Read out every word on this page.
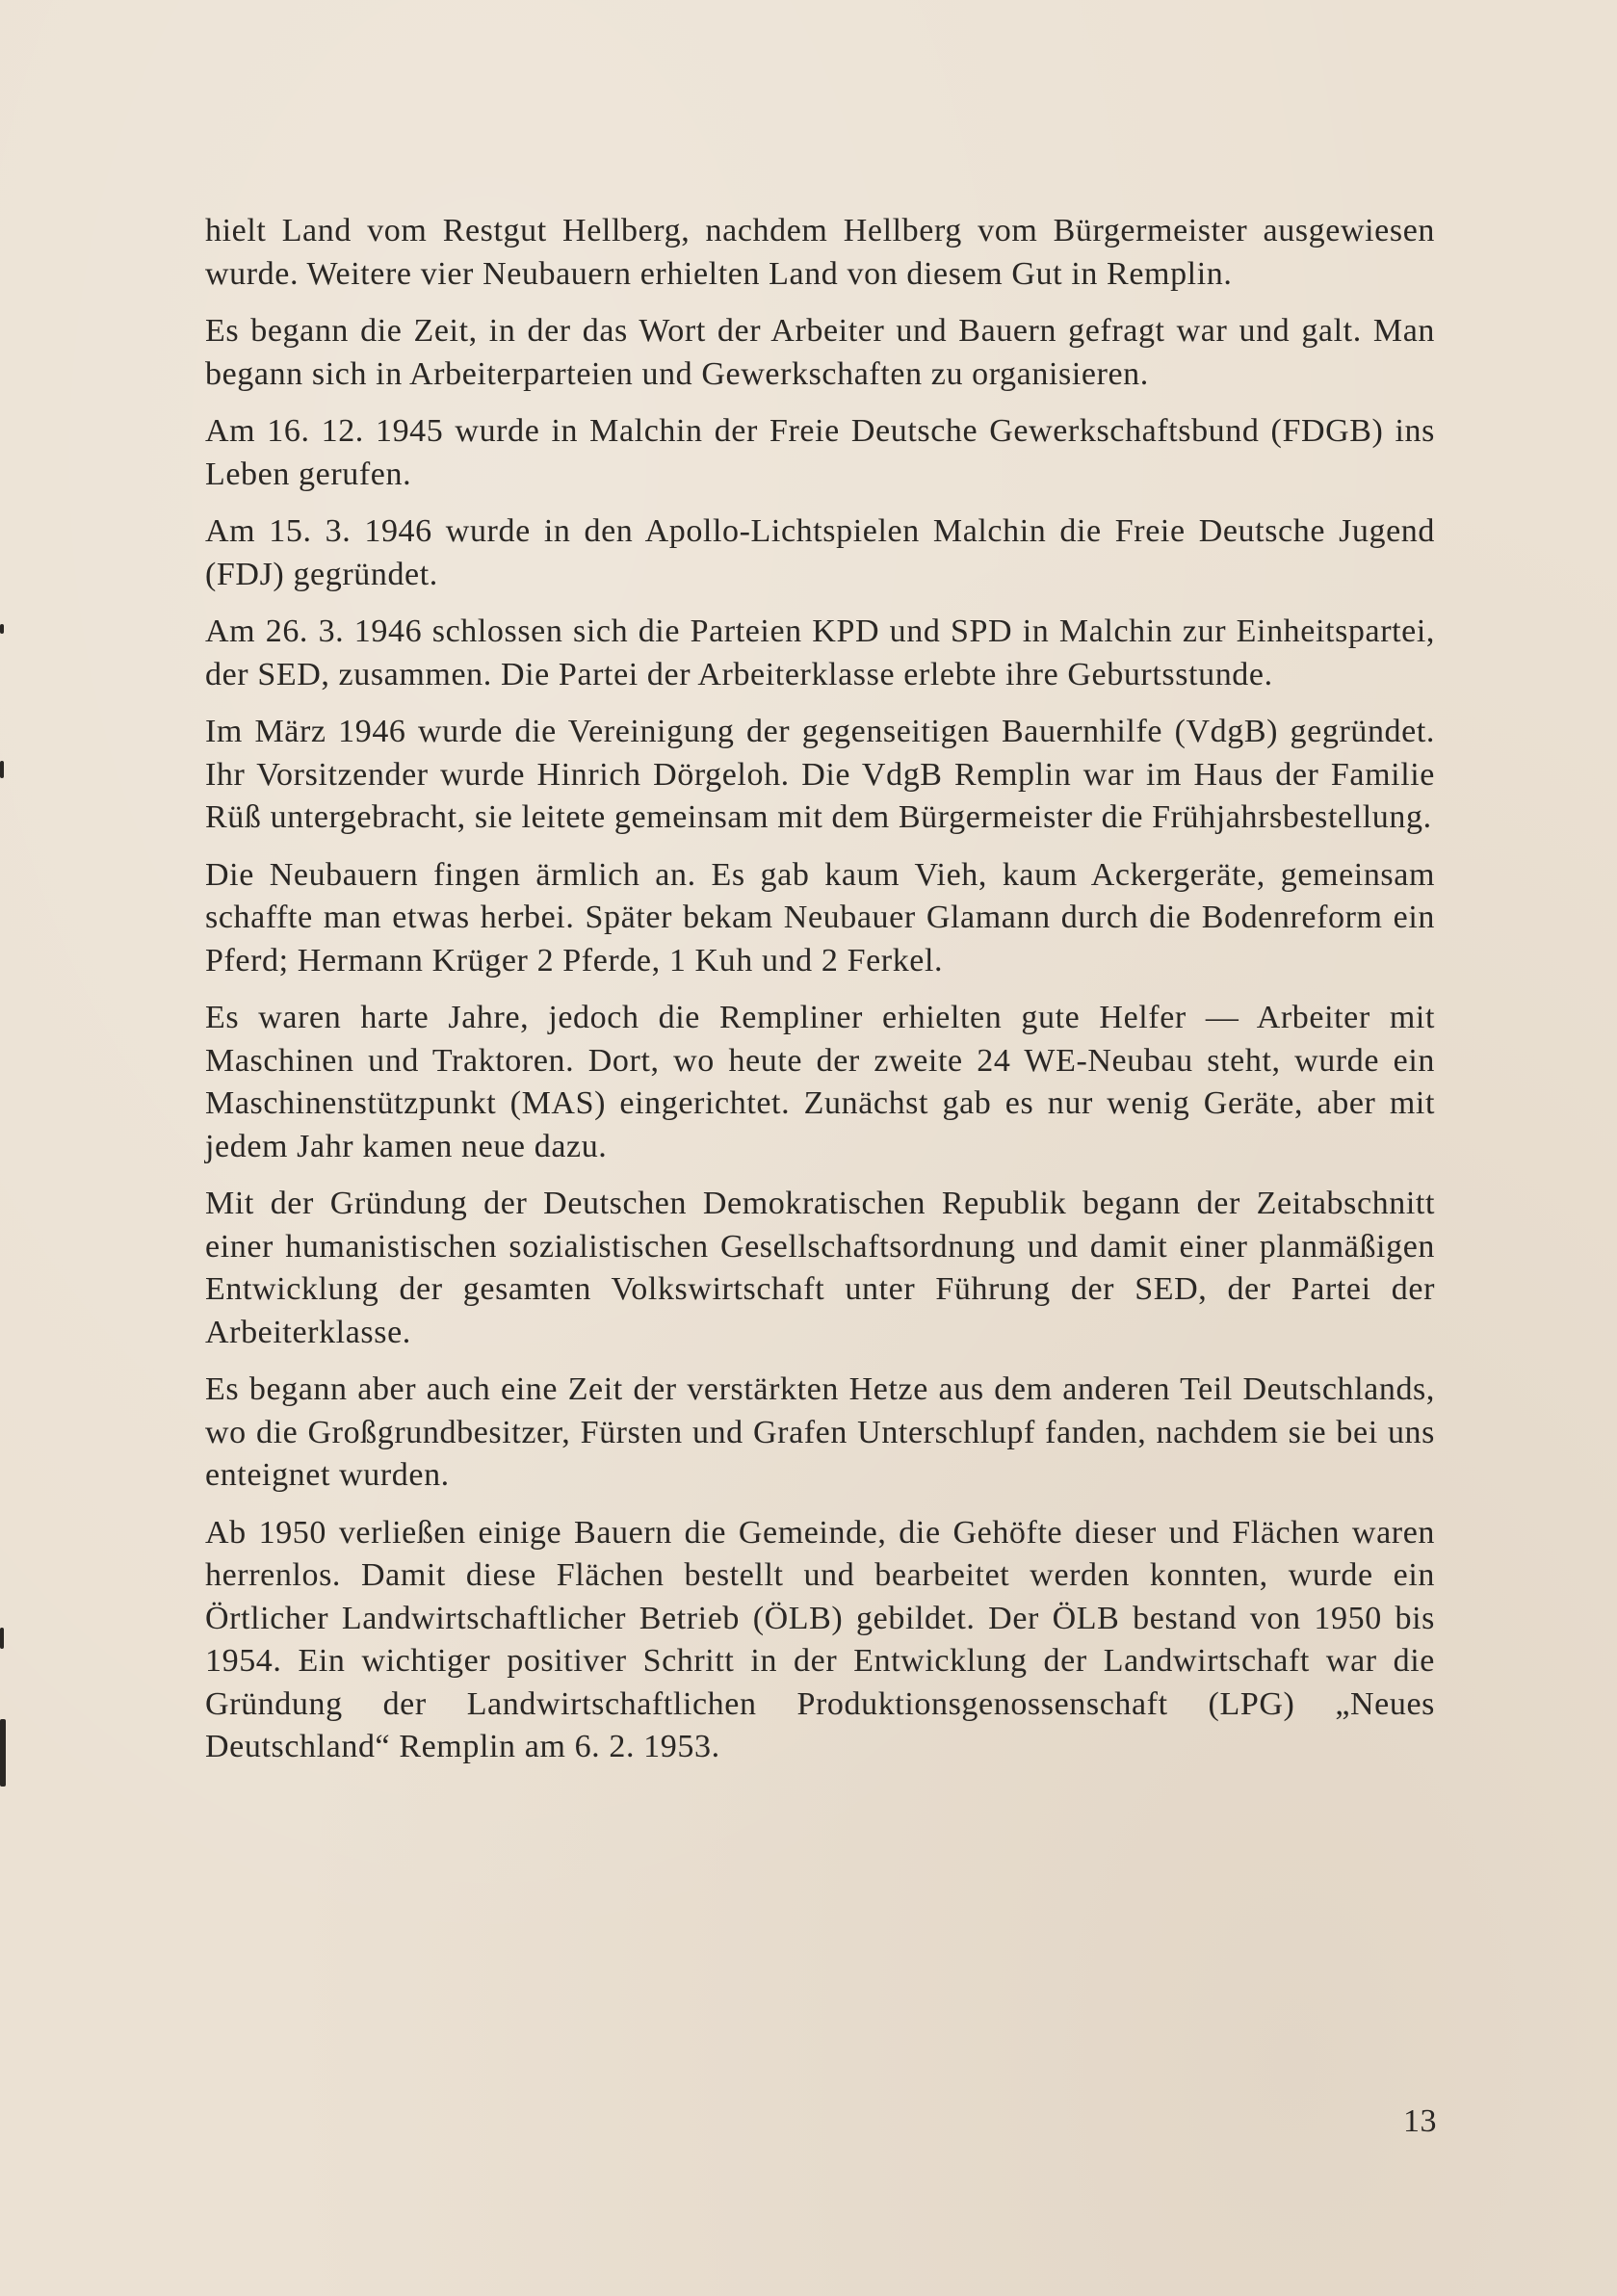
hielt Land vom Restgut Hellberg, nachdem Hellberg vom Bürgermeister ausgewiesen wurde. Weitere vier Neubauern erhielten Land von diesem Gut in Remplin.

Es begann die Zeit, in der das Wort der Arbeiter und Bauern gefragt war und galt. Man begann sich in Arbeiterparteien und Gewerkschaften zu organisieren.

Am 16. 12. 1945 wurde in Malchin der Freie Deutsche Gewerkschaftsbund (FDGB) ins Leben gerufen.

Am 15. 3. 1946 wurde in den Apollo-Lichtspielen Malchin die Freie Deutsche Jugend (FDJ) gegründet.

Am 26. 3. 1946 schlossen sich die Parteien KPD und SPD in Malchin zur Einheitspartei, der SED, zusammen. Die Partei der Arbeiterklasse erlebte ihre Geburtsstunde.

Im März 1946 wurde die Vereinigung der gegenseitigen Bauernhilfe (VdgB) gegründet. Ihr Vorsitzender wurde Hinrich Dörgeloh. Die VdgB Remplin war im Haus der Familie Rüß untergebracht, sie leitete gemeinsam mit dem Bürgermeister die Frühjahrsbestellung.

Die Neubauern fingen ärmlich an. Es gab kaum Vieh, kaum Ackergeräte, gemeinsam schaffte man etwas herbei. Später bekam Neubauer Glamann durch die Bodenreform ein Pferd; Hermann Krüger 2 Pferde, 1 Kuh und 2 Ferkel.

Es waren harte Jahre, jedoch die Rempliner erhielten gute Helfer — Arbeiter mit Maschinen und Traktoren. Dort, wo heute der zweite 24 WE-Neubau steht, wurde ein Maschinenstützpunkt (MAS) eingerichtet. Zunächst gab es nur wenig Geräte, aber mit jedem Jahr kamen neue dazu.

Mit der Gründung der Deutschen Demokratischen Republik begann der Zeitabschnitt einer humanistischen sozialistischen Gesellschaftsordnung und damit einer planmäßigen Entwicklung der gesamten Volkswirtschaft unter Führung der SED, der Partei der Arbeiterklasse.

Es begann aber auch eine Zeit der verstärkten Hetze aus dem anderen Teil Deutschlands, wo die Großgrundbesitzer, Fürsten und Grafen Unterschlupf fanden, nachdem sie bei uns enteignet wurden.

Ab 1950 verließen einige Bauern die Gemeinde, die Gehöfte dieser und Flächen waren herrenlos. Damit diese Flächen bestellt und bearbeitet werden konnten, wurde ein Örtlicher Landwirtschaftlicher Betrieb (ÖLB) gebildet. Der ÖLB bestand von 1950 bis 1954. Ein wichtiger positiver Schritt in der Entwicklung der Landwirtschaft war die Gründung der Landwirtschaftlichen Produktionsgenossenschaft (LPG) „Neues Deutschland“ Remplin am 6. 2. 1953.

13
